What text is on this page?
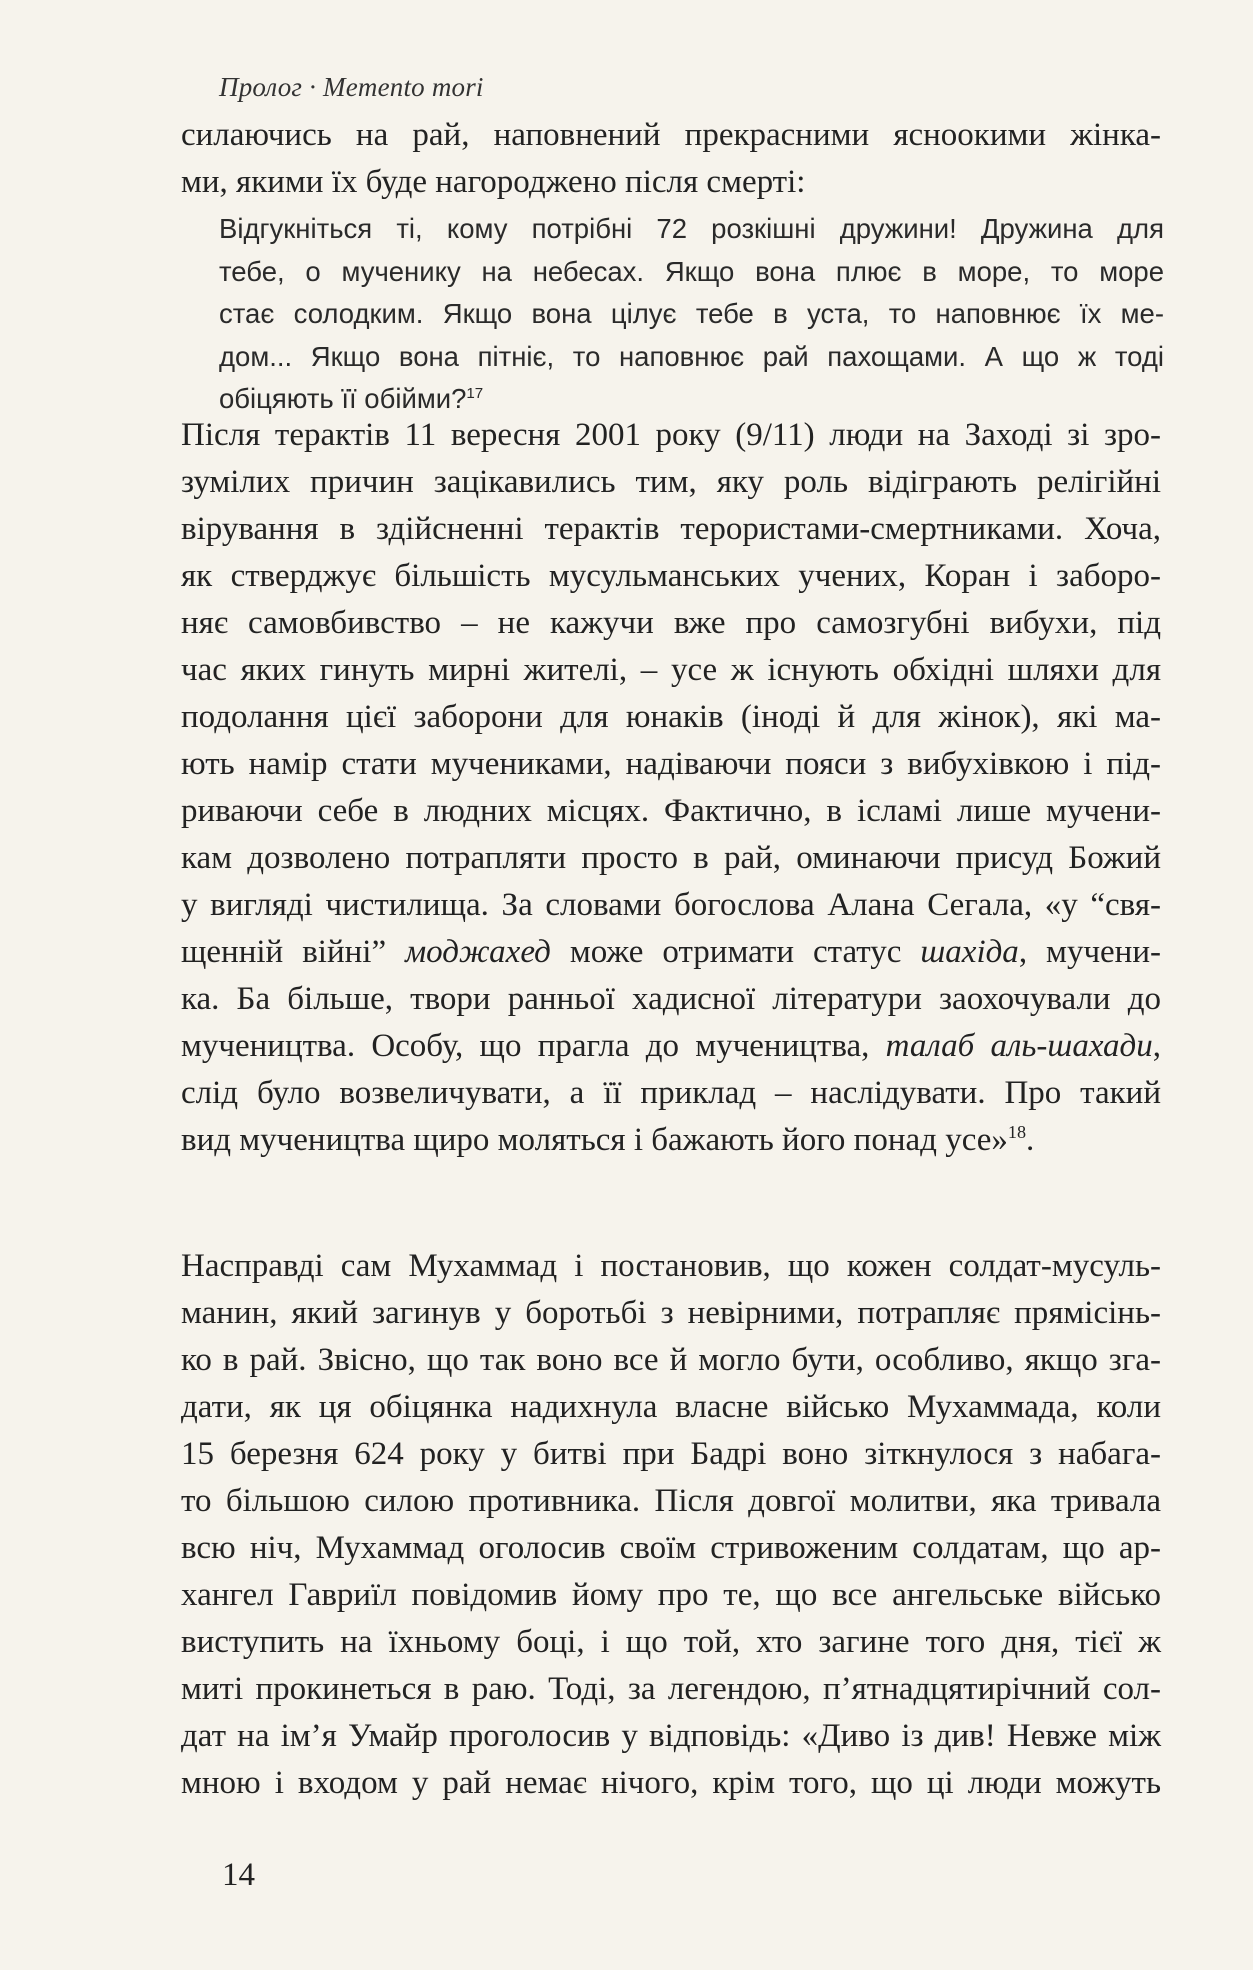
Пролог · Memento mori
силаючись на рай, наповнений прекрасними ясноокими жінка-
ми, якими їх буде нагороджено після смерті:
Відгукніться ті, кому потрібні 72 розкішні дружини! Дружина для
тебе, о мученику на небесах. Якщо вона плює в море, то море
стає солодким. Якщо вона цілує тебе в уста, то наповнює їх ме-
дом... Якщо вона пітніє, то наповнює рай пахощами. А що ж тоді
обіцяють її обійми?$^{17}$
Після терактів 11 вересня 2001 року (9/11) люди на Заході зі зро-
зумілих причин зацікавились тим, яку роль відіграють релігійні
вірування в здійсненні терактів терористами-смертниками. Хоча,
як стверджує більшість мусульманських учених, Коран і заборо-
няє самовбивство – не кажучи вже про самозгубні вибухи, під
час яких гинуть мирні жителі, – усе ж існують обхідні шляхи для
подолання цієї заборони для юнаків (іноді й для жінок), які ма-
ють намір стати мучениками, надіваючи пояси з вибухівкою і під-
риваючи себе в людних місцях. Фактично, в ісламі лише мучени-
кам дозволено потрапляти просто в рай, оминаючи присуд Божий
у вигляді чистилища. За словами богослова Алана Сегала, «у “свя-
щенній війні” моджахед може отримати статус шахіда, мучени-
ка. Ба більше, твори ранньої хадисної літератури заохочували до
мучеництва. Особу, що прагла до мучеництва, талаб аль-шахади,
слід було возвеличувати, а її приклад – наслідувати. Про такий
вид мучеництва щиро моляться і бажають його понад усе»$^{18}$.
Насправді сам Мухаммад і постановив, що кожен солдат-мусуль-
манин, який загинув у боротьбі з невірними, потрапляє прямісінь-
ко в рай. Звісно, що так воно все й могло бути, особливо, якщо зга-
дати, як ця обіцянка надихнула власне військо Мухаммада, коли
15 березня 624 року у битві при Бадрі воно зіткнулося з набага-
то більшою силою противника. Після довгої молитви, яка тривала
всю ніч, Мухаммад оголосив своїм стривоженим солдатам, що ар-
хангел Гавриїл повідомив йому про те, що все ангельське військо
виступить на їхньому боці, і що той, хто загине того дня, тієї ж
миті прокинеться в раю. Тоді, за легендою, п’ятнадцятирічний сол-
дат на ім’я Умайр проголосив у відповідь: «Диво із див! Невже між
мною і входом у рай немає нічого, крім того, що ці люди можуть
14
